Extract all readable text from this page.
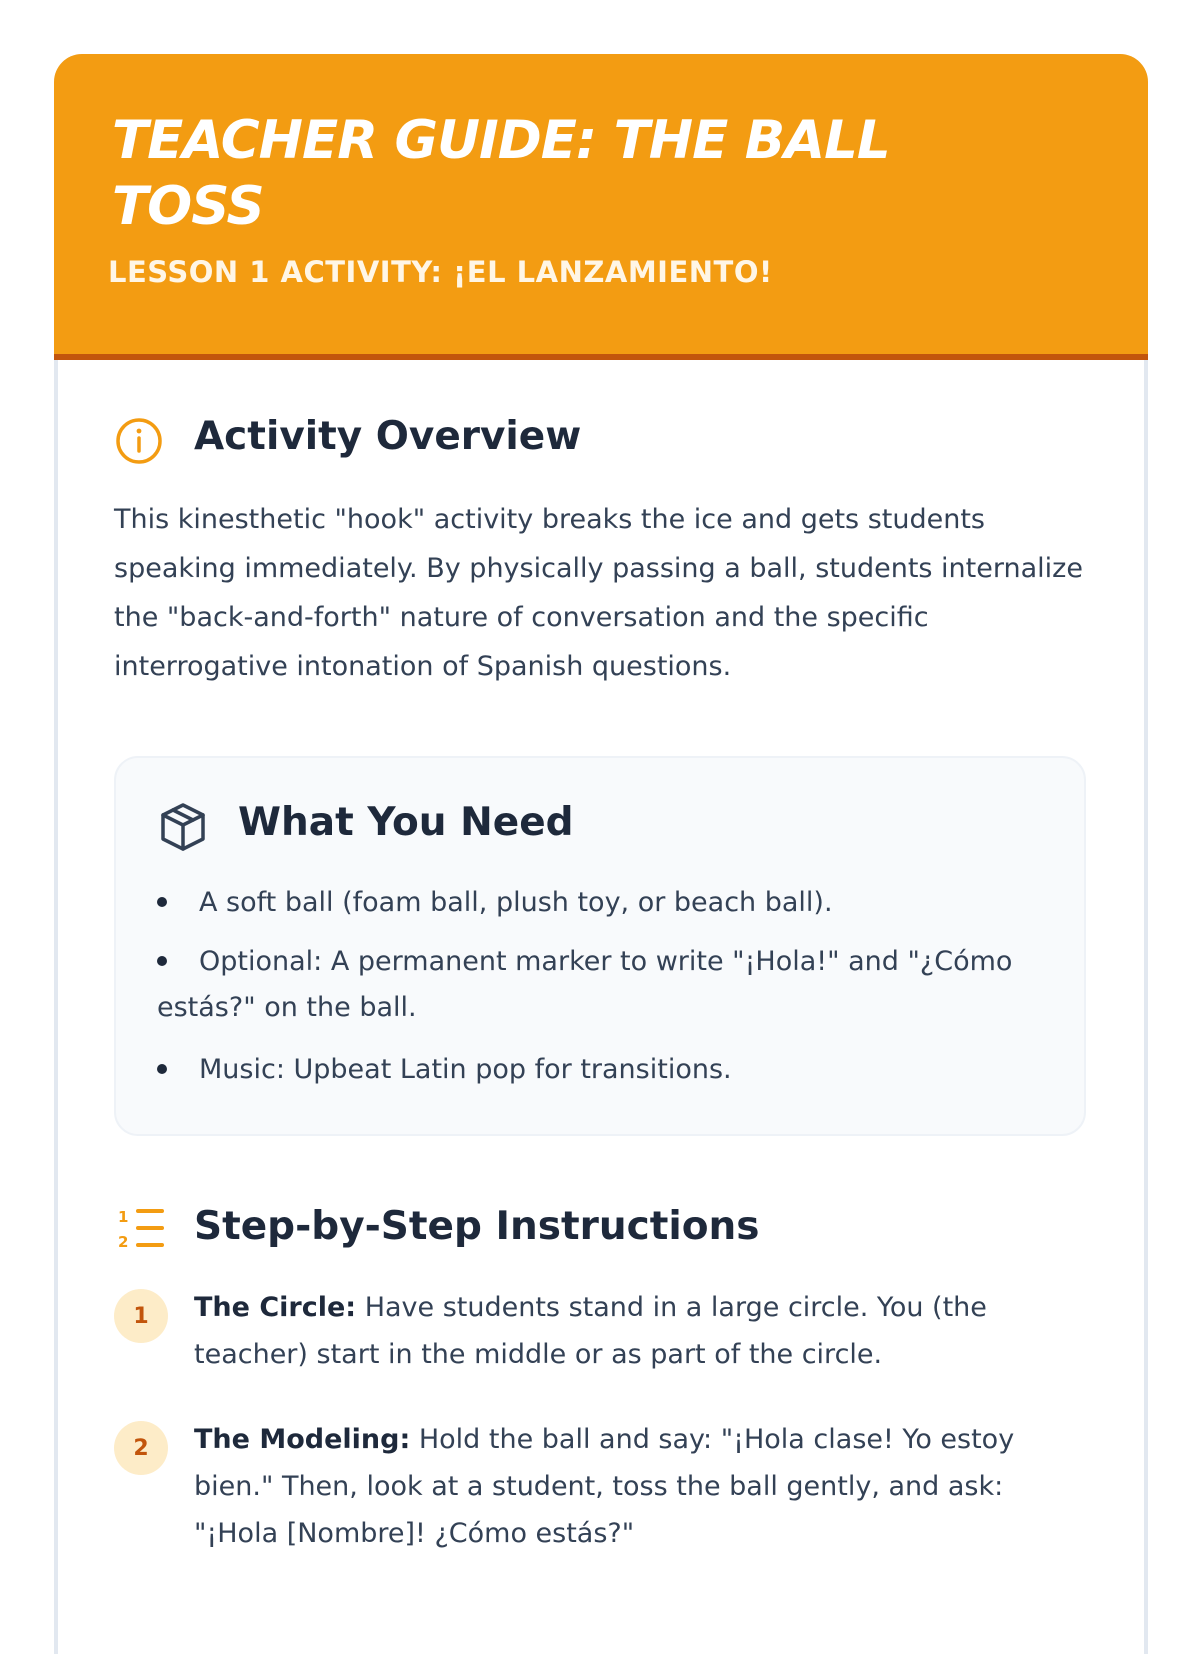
TEACHER GUIDE: THE BALL TOSS
LESSON 1 ACTIVITY: ¡EL LANZAMIENTO!
Activity Overview

This kinesthetic "hook" activity breaks the ice and gets students speaking immediately. By physically passing a ball, students internalize the "back-and-forth" nature of conversation and the specific interrogative intonation of Spanish questions.

What You Need
A soft ball (foam ball, plush toy, or beach ball).
Optional: A permanent marker to write "¡Hola!" and "¿Cómo estás?" on the ball.
Music: Upbeat Latin pop for transitions.
1
2 Step-by-Step Instructions
1	The Circle: Have students stand in a large circle. You (the teacher) start in the middle or as part of the circle.
2	The Modeling: Hold the ball and say: "¡Hola clase! Yo estoy bien." Then, look at a student, toss the ball gently, and ask: "¡Hola [Nombre]! ¿Cómo estás?"
